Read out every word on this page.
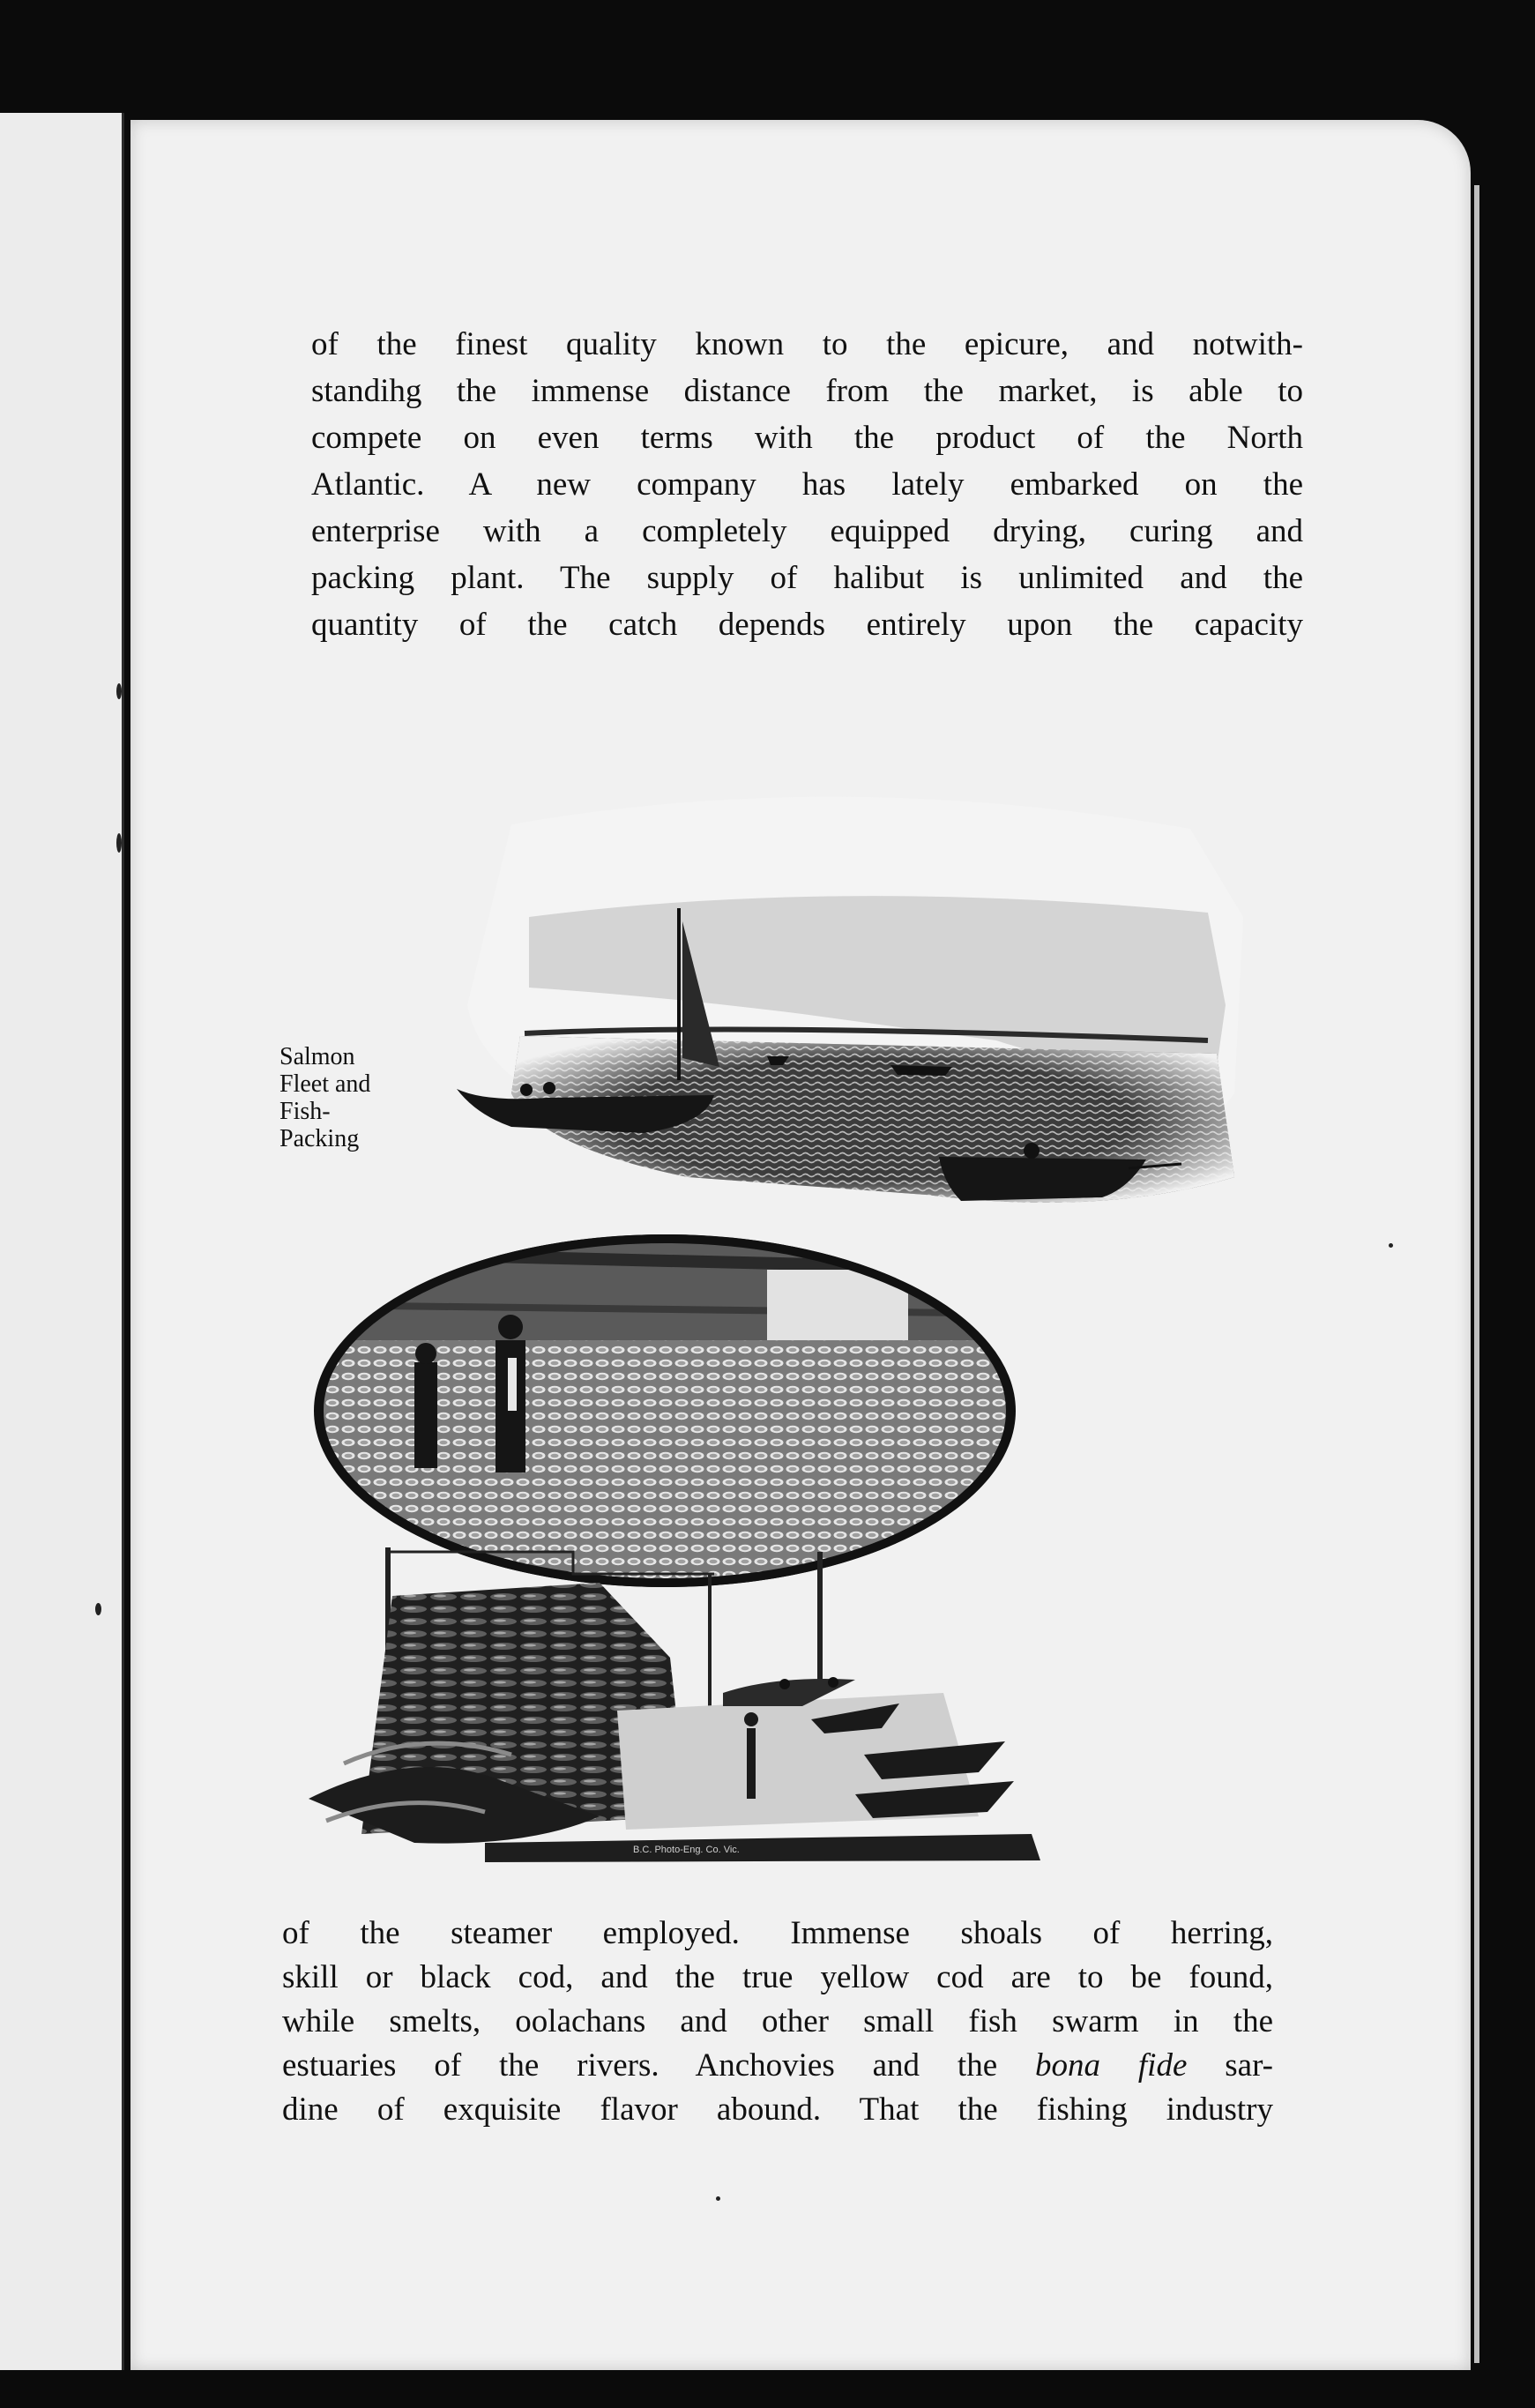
of the finest quality known to the epicure, and notwith-
standihg the immense distance from the market, is able to
compete on even terms with the product of the North
Atlantic. A new company has lately embarked on the
enterprise with a completely equipped drying, curing and
packing plant. The supply of halibut is unlimited and the
quantity of the catch depends entirely upon the capacity

Salmon
Fleet and
Fish-
Packing

B.C. Photo-Eng. Co. Vic.
of the steamer employed. Immense shoals of herring,
skill or black cod, and the true yellow cod are to be found,
while smelts, oolachans and other small fish swarm in the
estuaries of the rivers. Anchovies and the bona fide sar-
dine of exquisite flavor abound. That the fishing industry
